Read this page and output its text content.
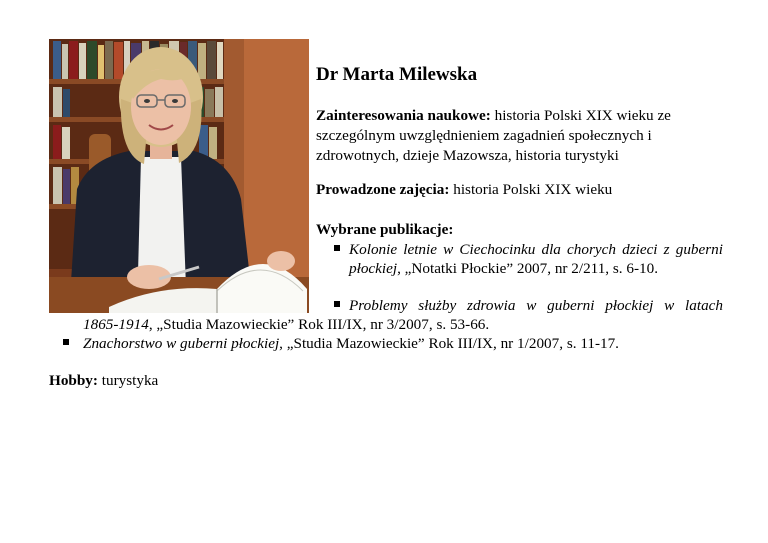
Dr Marta Milewska
Zainteresowania naukowe: historia Polski XIX wieku ze szczególnym uwzględnieniem zagadnień społecznych i zdrowotnych, dzieje Mazowsza, historia turystyki
Prowadzone zajęcia: historia Polski XIX wieku
Wybrane publikacje:
Kolonie letnie w Ciechocinku dla chorych dzieci z guberni płockiej, „Notatki Płockie” 2007, nr 2/211, s. 6-10.
Problemy służby zdrowia w guberni płockiej w latach
1865-1914, „Studia Mazowieckie” Rok III/IX, nr 3/2007, s. 53-66.
Znachorstwo w guberni płockiej, „Studia Mazowieckie” Rok III/IX, nr 1/2007, s. 11-17.
Hobby: turystyka
